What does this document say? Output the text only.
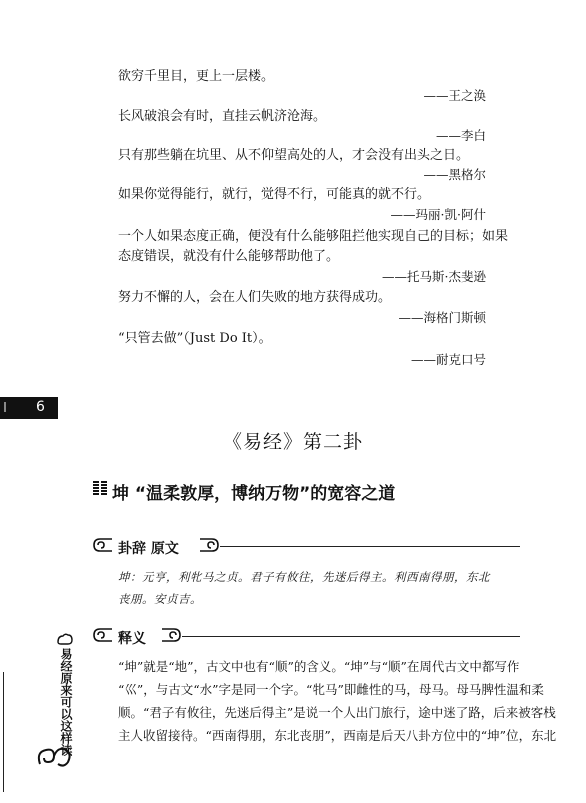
欲穷千里目，更上一层楼。
——王之涣
长风破浪会有时，直挂云帆济沧海。
——李白
只有那些躺在坑里、从不仰望高处的人，才会没有出头之日。
——黑格尔
如果你觉得能行，就行，觉得不行，可能真的就不行。
——玛丽·凯·阿什
一个人如果态度正确，便没有什么能够阻拦他实现自己的目标；如果
态度错误，就没有什么能够帮助他了。
——托马斯·杰斐逊
努力不懈的人，会在人们失败的地方获得成功。
——海格门斯顿
“只管去做”（Just Do It）。
——耐克口号
6
《易经》第二卦
坤 “温柔敦厚，博纳万物”的宽容之道
卦辞 原文
坤：元亨，利牝马之贞。君子有攸往，先迷后得主。利西南得朋，东北
丧朋。安贞吉。
释义
“坤”就是“地”，古文中也有“顺”的含义。“坤”与“顺”在周代古文中都写作
“巛”，与古文“水”字是同一个字。“牝马”即雌性的马，母马。母马脾性温和柔
顺。“君子有攸往，先迷后得主”是说一个人出门旅行，途中迷了路，后来被客栈
主人收留接待。“西南得朋，东北丧朋”，西南是后天八卦方位中的“坤”位，东北
易经原来可以这样读
